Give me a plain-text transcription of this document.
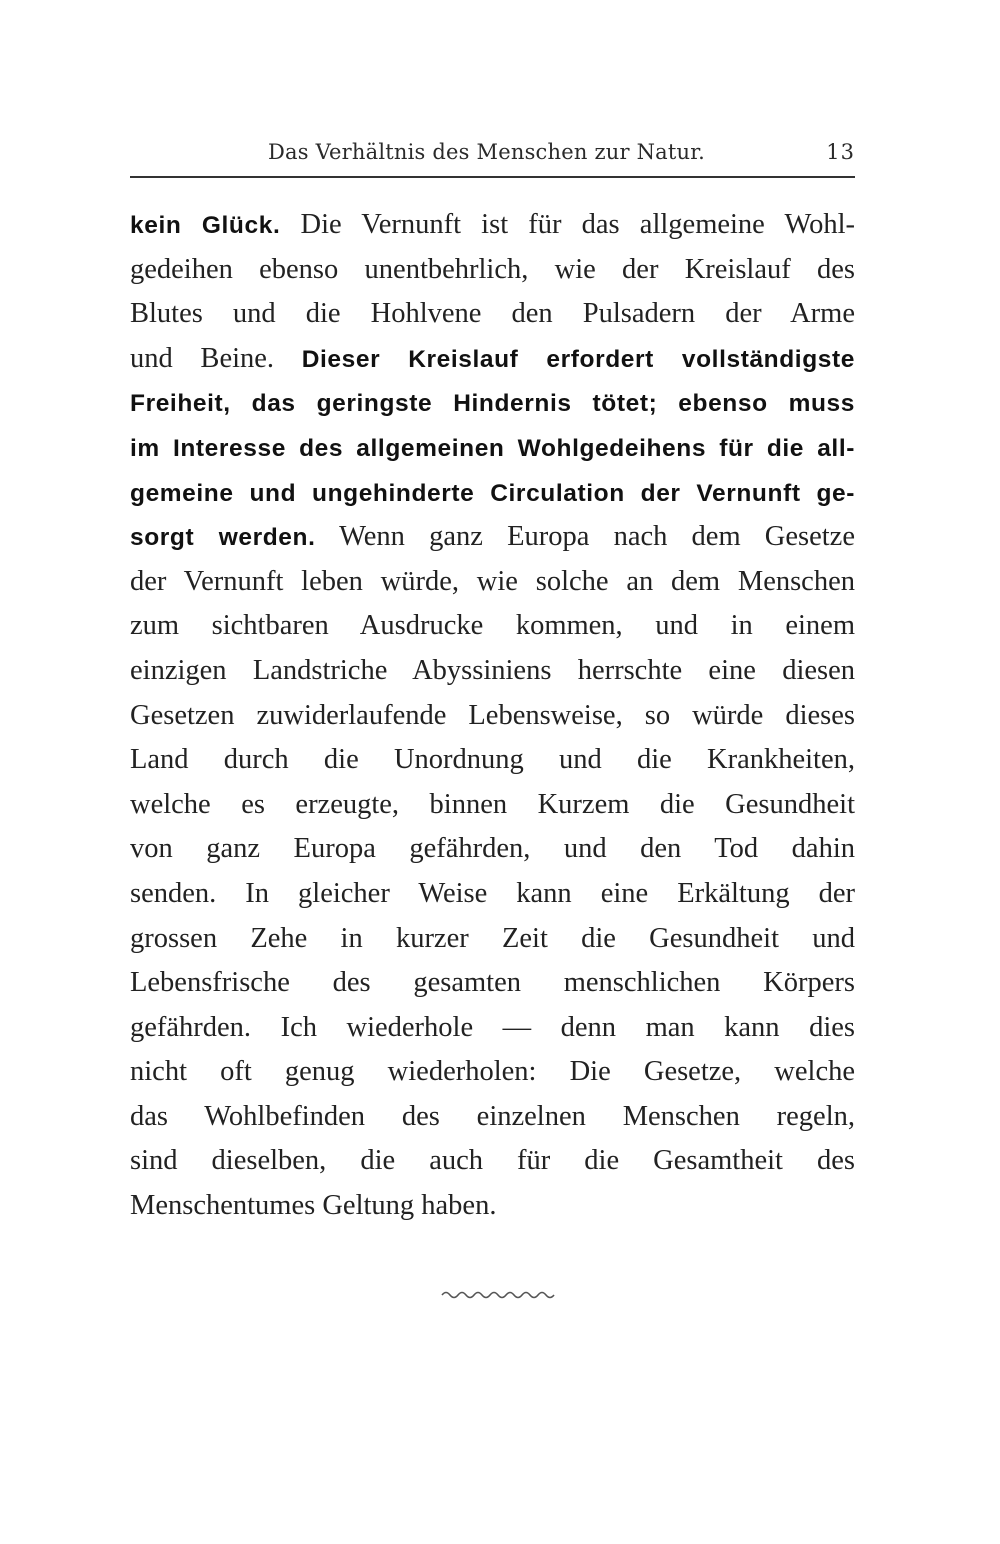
Das Verhältnis des Menschen zur Natur.	13
kein Glück. Die Vernunft ist für das allgemeine Wohl-
gedeihen ebenso unentbehrlich, wie der Kreislauf des
Blutes und die Hohlvene den Pulsadern der Arme
und Beine. Dieser Kreislauf erfordert vollständigste
Freiheit, das geringste Hindernis tötet; ebenso muss
im Interesse des allgemeinen Wohlgedeihens für die all-
gemeine und ungehinderte Circulation der Vernunft ge-
sorgt werden. Wenn ganz Europa nach dem Gesetze
der Vernunft leben würde, wie solche an dem Menschen
zum sichtbaren Ausdrucke kommen, und in einem
einzigen Landstriche Abyssiniens herrschte eine diesen
Gesetzen zuwiderlaufende Lebensweise, so würde dieses
Land durch die Unordnung und die Krankheiten,
welche es erzeugte, binnen Kurzem die Gesundheit
von ganz Europa gefährden, und den Tod dahin
senden. In gleicher Weise kann eine Erkältung der
grossen Zehe in kurzer Zeit die Gesundheit und
Lebensfrische des gesamten menschlichen Körpers
gefährden. Ich wiederhole — denn man kann dies
nicht oft genug wiederholen: Die Gesetze, welche
das Wohlbefinden des einzelnen Menschen regeln,
sind dieselben, die auch für die Gesamtheit des
Menschentumes Geltung haben.
